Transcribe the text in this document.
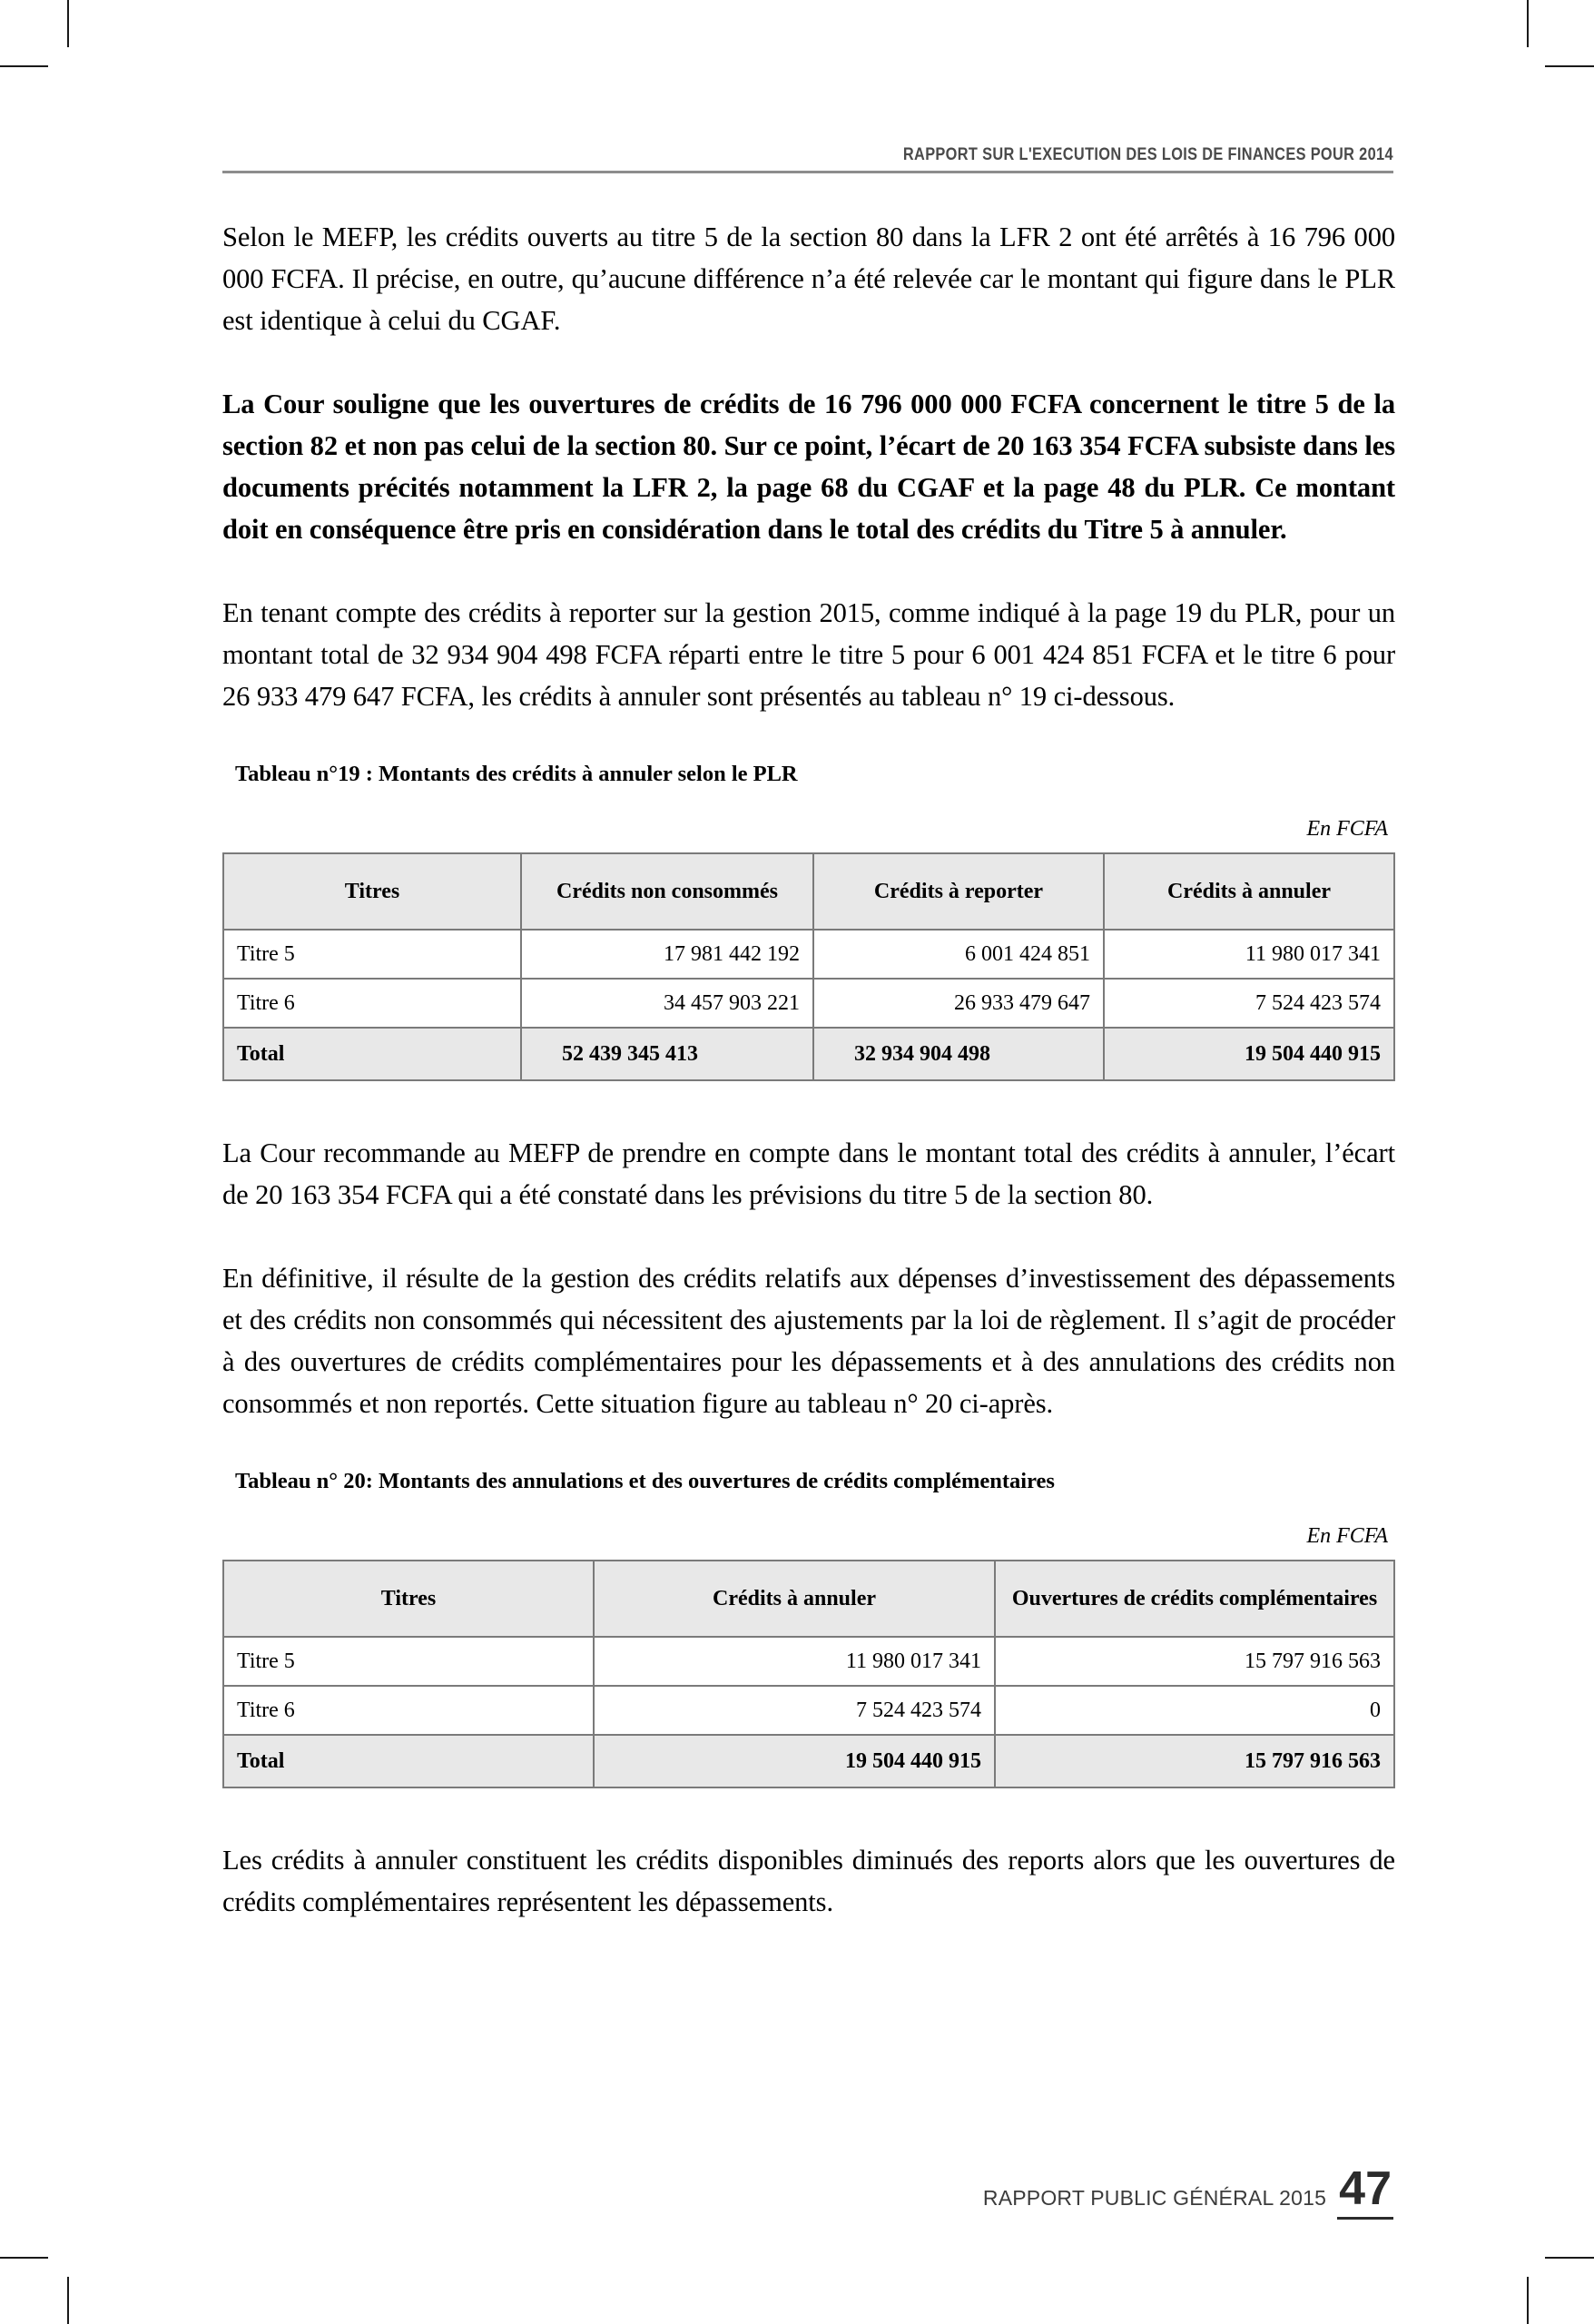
RAPPORT SUR L'EXECUTION DES LOIS DE FINANCES POUR 2014

Selon le MEFP, les crédits ouverts au titre 5 de la section 80 dans la LFR 2 ont été arrêtés à 16 796 000 000 FCFA. Il précise, en outre, qu’aucune différence n’a été relevée car le montant qui figure dans le PLR est identique à celui du CGAF.

La Cour souligne que les ouvertures de crédits de 16 796 000 000 FCFA concernent le titre 5 de la section 82 et non pas celui de la section 80. Sur ce point, l’écart de 20 163 354 FCFA subsiste dans les documents précités notamment la LFR 2, la page 68 du CGAF et la page 48 du PLR. Ce montant doit en conséquence être pris en considération dans le total des crédits du Titre 5 à annuler.

En tenant compte des crédits à reporter sur la gestion 2015, comme indiqué à la page 19 du PLR, pour un montant total de 32 934 904 498 FCFA réparti entre le titre 5 pour 6 001 424 851 FCFA et le titre 6 pour 26 933 479 647 FCFA, les crédits à annuler sont présentés au tableau n° 19 ci-dessous.

Tableau n°19 : Montants des crédits à annuler selon le PLR
En FCFA
Titres	Crédits non consommés	Crédits à reporter	Crédits à annuler
Titre 5	17 981 442 192	6 001 424 851	11 980 017 341
Titre 6	34 457 903 221	26 933 479 647	7 524 423 574
Total	52 439 345 413	32 934 904 498	19 504 440 915

La Cour recommande au MEFP de prendre en compte dans le montant total des crédits à annuler, l’écart de 20 163 354 FCFA qui a été constaté dans les prévisions du titre 5 de la section 80.

En définitive, il résulte de la gestion des crédits relatifs aux dépenses d’investissement des dépassements et des crédits non consommés qui nécessitent des ajustements par la loi de règlement. Il s’agit de procéder à des ouvertures de crédits complémentaires pour les dépassements et à des annulations des crédits non consommés et non reportés. Cette situation figure au tableau n° 20 ci-après.

Tableau n° 20: Montants des annulations et des ouvertures de crédits complémentaires
En FCFA
Titres	Crédits à annuler	Ouvertures de crédits complémentaires
Titre 5	11 980 017 341	15 797 916 563
Titre 6	7 524 423 574	0
Total	19 504 440 915	15 797 916 563

Les crédits à annuler constituent les crédits disponibles diminués des reports alors que les ouvertures de crédits complémentaires représentent les dépassements.

RAPPORT PUBLIC GÉNÉRAL 2015 47
